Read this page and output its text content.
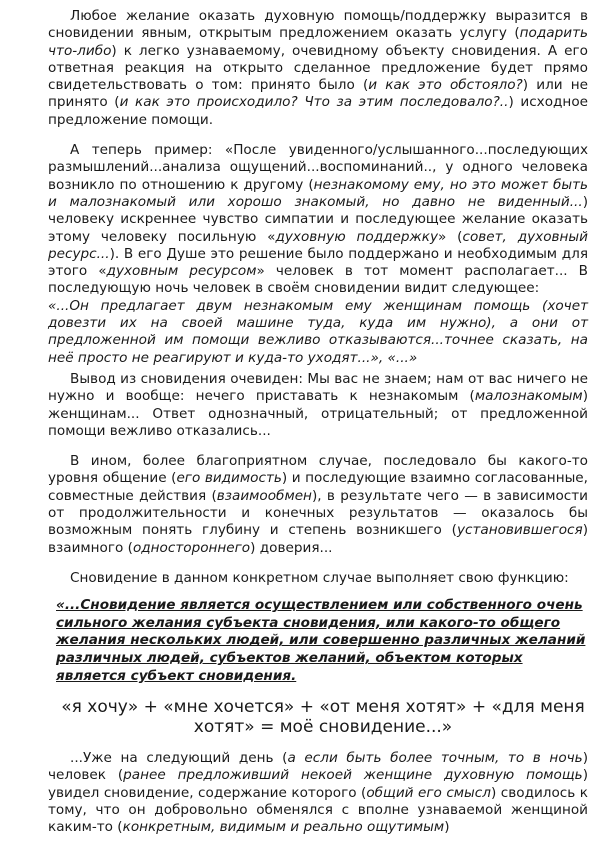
Любое желание оказать духовную помощь/поддержку выразится в сновидении явным, открытым предложением оказать услугу (подарить что-либо) к легко узнаваемому, очевидному объекту сновидения. А его ответная реакция на открыто сделанное предложение будет прямо свидетельствовать о том: принято было (и как это обстояло?) или не принято (и как это происходило? Что за этим последовало?..) исходное предложение помощи.

А теперь пример: «После увиденного/услышанного...последующих размышлений...анализа ощущений...воспоминаний.., у одного человека возникло по отношению к другому (незнакомому ему, но это может быть и малознакомый или хорошо знакомый, но давно не виденный...) человеку искреннее чувство симпатии и последующее желание оказать этому человеку посильную «духовную поддержку» (совет, духовный ресурс...). В его Душе это решение было поддержано и необходимым для этого «духовным ресурсом» человек в тот момент располагает... В последующую ночь человек в своём сновидении видит следующее:

«...Он предлагает двум незнакомым ему женщинам помощь (хочет довезти их на своей машине туда, куда им нужно), а они от предложенной им помощи вежливо отказываются...точнее сказать, на неё просто не реагируют и куда-то уходят...», «...»

Вывод из сновидения очевиден: Мы вас не знаем; нам от вас ничего не нужно и вообще: нечего приставать к незнакомым (малознакомым) женщинам... Ответ однозначный, отрицательный; от предложенной помощи вежливо отказались...

В ином, более благоприятном случае, последовало бы какого-то уровня общение (его видимость) и последующие взаимно согласованные, совместные действия (взаимообмен), в результате чего — в зависимости от продолжительности и конечных результатов — оказалось бы возможным понять глубину и степень возникшего (установившегося) взаимного (одностороннего) доверия...

Сновидение в данном конкретном случае выполняет свою функцию:

«...Сновидение является осуществлением или собственного очень сильного желания субъекта сновидения, или какого-то общего желания нескольких людей, или совершенно различных желаний различных людей, субъектов желаний, объектом которых является субъект сновидения.

«я хочу» + «мне хочется» + «от меня хотят» + «для меня хотят» = моё сновидение...»

...Уже на следующий день (а если быть более точным, то в ночь) человек (ранее предложивший некоей женщине духовную помощь) увидел сновидение, содержание которого (общий его смысл) сводилось к тому, что он добровольно обменялся с вполне узнаваемой женщиной каким-то (конкретным, видимым и реально ощутимым)
